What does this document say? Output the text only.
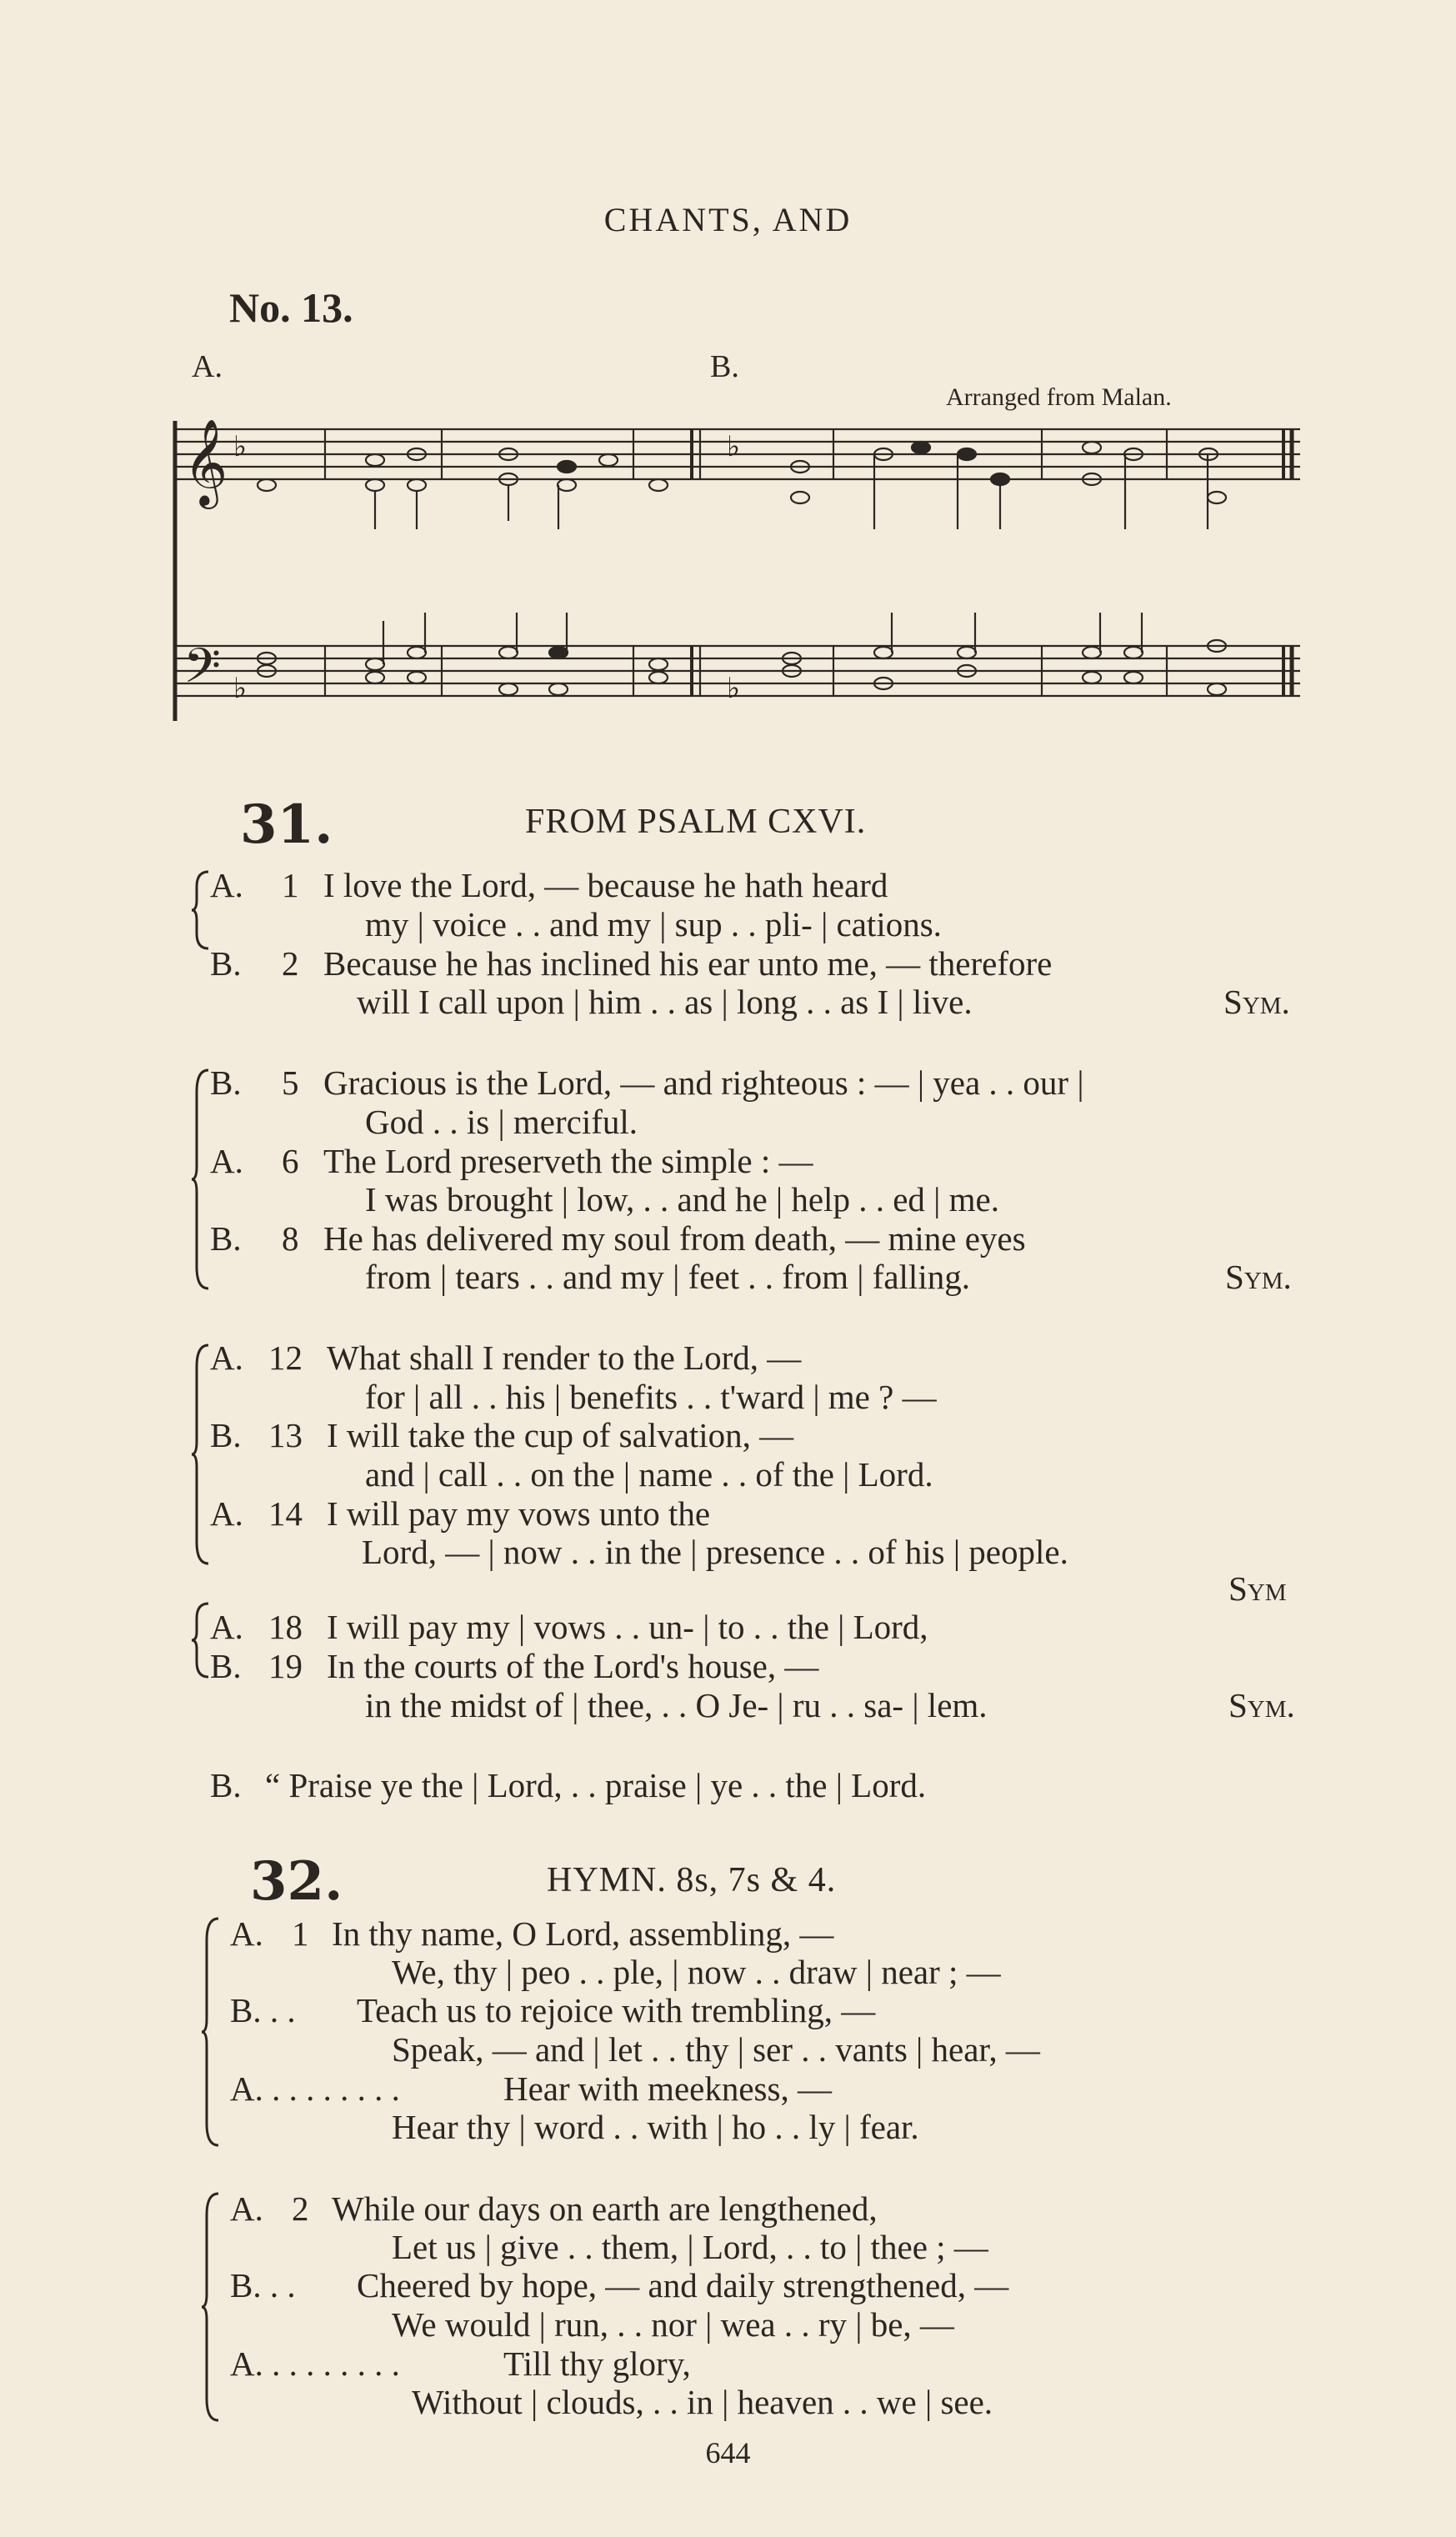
CHANTS, AND
No. 13.
A.	B.
Arranged from Malan.
𝄞
𝄢
♭
♭
♭
♭
31.	FROM PSALM CXVI.
A. 1 I love the Lord, — because he hath heard
my | voice . . and my | sup . . pli- | cations.
B. 2 Because he has inclined his ear unto me, — therefore
will I call upon | him . . as | long . . as I | live.	Sym.
B. 5 Gracious is the Lord, — and righteous : — | yea . . our |
God . . is | merciful.
A. 6 The Lord preserveth the simple : —
I was brought | low, . . and he | help . . ed | me.
B. 8 He has delivered my soul from death, — mine eyes
from | tears . . and my | feet . . from | falling.	Sym.
A. 12 What shall I render to the Lord, —
for | all . . his | benefits . . t'ward | me ? —
B. 13 I will take the cup of salvation, —
and | call . . on the | name . . of the | Lord.
A. 14 I will pay my vows unto the
Lord, — | now . . in the | presence . . of his | people.
Sym
A. 18 I will pay my | vows . . un- | to . . the | Lord,
B. 19 In the courts of the Lord's house, —
in the midst of | thee, . . O Je- | ru . . sa- | lem.	Sym.
B. “ Praise ye the | Lord, . . praise | ye . . the | Lord.
32.	HYMN. 8s, 7s & 4.
A. 1 In thy name, O Lord, assembling, —
We, thy | peo . . ple, | now . . draw | near ; —
B. . . Teach us to rejoice with trembling, —
Speak, — and | let . . thy | ser . . vants | hear, —
A. . . . . . . . .	Hear with meekness, —
Hear thy | word . . with | ho . . ly | fear.
A. 2 While our days on earth are lengthened,
Let us | give . . them, | Lord, . . to | thee ; —
B. . . Cheered by hope, — and daily strengthened, —
We would | run, . . nor | wea . . ry | be, —
A. . . . . . . . .	Till thy glory,
Without | clouds, . . in | heaven . . we | see.
644
